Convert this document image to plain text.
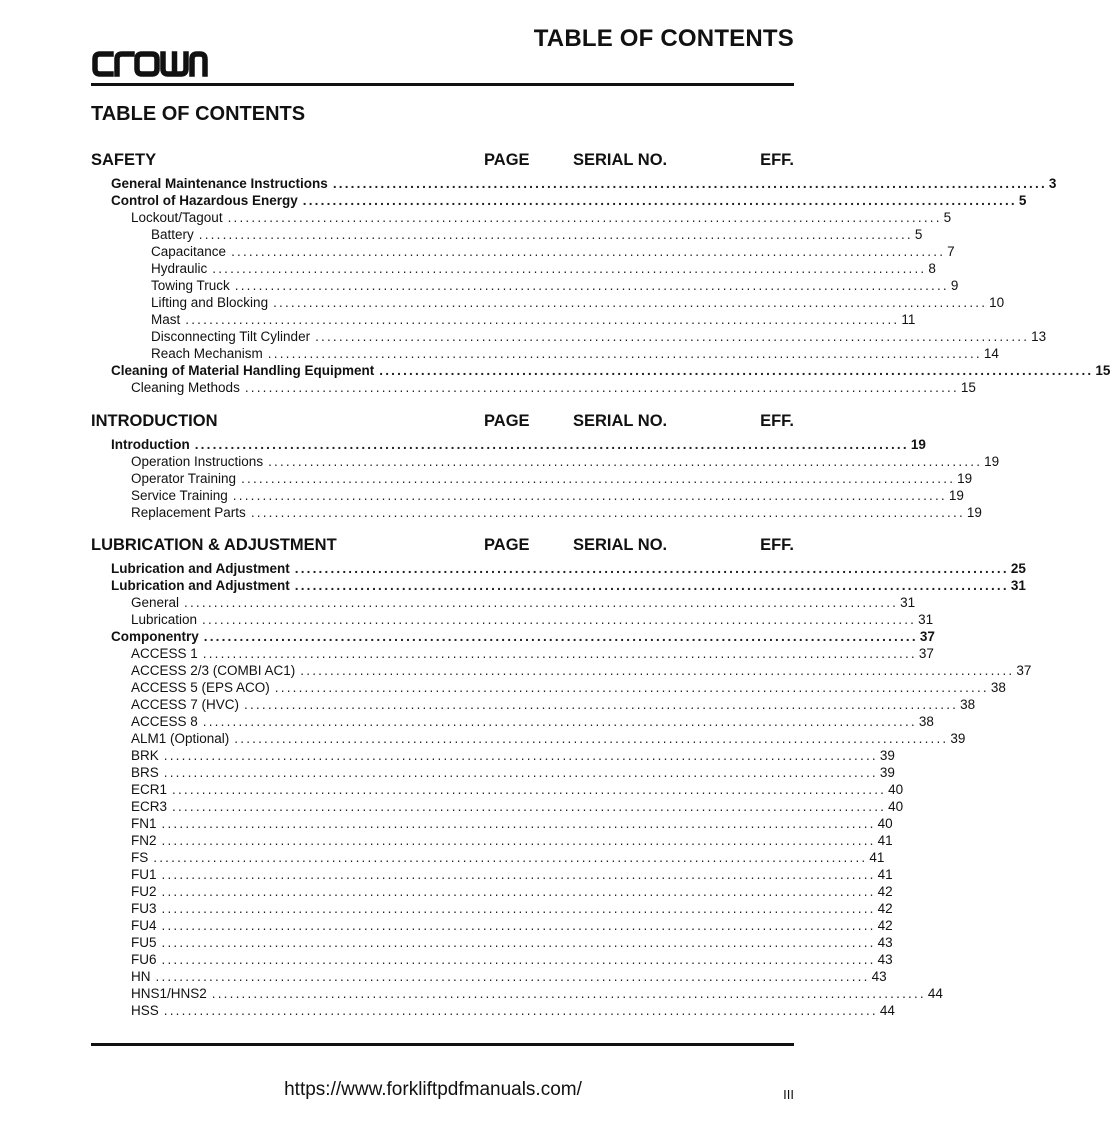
TABLE OF CONTENTS
TABLE OF CONTENTS
SAFETY	PAGE	SERIAL NO.	EFF.
General Maintenance Instructions ........................................................................................................................ 3
Control of Hazardous Energy ........................................................................................................................ 5
Lockout/Tagout ........................................................................................................................ 5
Battery ........................................................................................................................ 5
Capacitance ........................................................................................................................ 7
Hydraulic ........................................................................................................................ 8
Towing Truck ........................................................................................................................ 9
Lifting and Blocking ........................................................................................................................ 10
Mast ........................................................................................................................ 11
Disconnecting Tilt Cylinder ........................................................................................................................ 13
Reach Mechanism ........................................................................................................................ 14
Cleaning of Material Handling Equipment ........................................................................................................................ 15
Cleaning Methods ........................................................................................................................ 15
INTRODUCTION	PAGE	SERIAL NO.	EFF.
Introduction ........................................................................................................................ 19
Operation Instructions ........................................................................................................................ 19
Operator Training ........................................................................................................................ 19
Service Training ........................................................................................................................ 19
Replacement Parts ........................................................................................................................ 19
LUBRICATION & ADJUSTMENT	PAGE	SERIAL NO.	EFF.
Lubrication and Adjustment ........................................................................................................................ 25
Lubrication and Adjustment ........................................................................................................................ 31
General ........................................................................................................................ 31
Lubrication ........................................................................................................................ 31
Componentry ........................................................................................................................ 37
ACCESS 1 ........................................................................................................................ 37
ACCESS 2/3 (COMBI AC1) ........................................................................................................................ 37
ACCESS 5 (EPS ACO) ........................................................................................................................ 38
ACCESS 7 (HVC) ........................................................................................................................ 38
ACCESS 8 ........................................................................................................................ 38
ALM1 (Optional) ........................................................................................................................ 39
BRK ........................................................................................................................ 39
BRS ........................................................................................................................ 39
ECR1 ........................................................................................................................ 40
ECR3 ........................................................................................................................ 40
FN1 ........................................................................................................................ 40
FN2 ........................................................................................................................ 41
FS ........................................................................................................................ 41
FU1 ........................................................................................................................ 41
FU2 ........................................................................................................................ 42
FU3 ........................................................................................................................ 42
FU4 ........................................................................................................................ 42
FU5 ........................................................................................................................ 43
FU6 ........................................................................................................................ 43
HN ........................................................................................................................ 43
HNS1/HNS2 ........................................................................................................................ 44
HSS ........................................................................................................................ 44
https://www.forkliftpdfmanuals.com/	III
